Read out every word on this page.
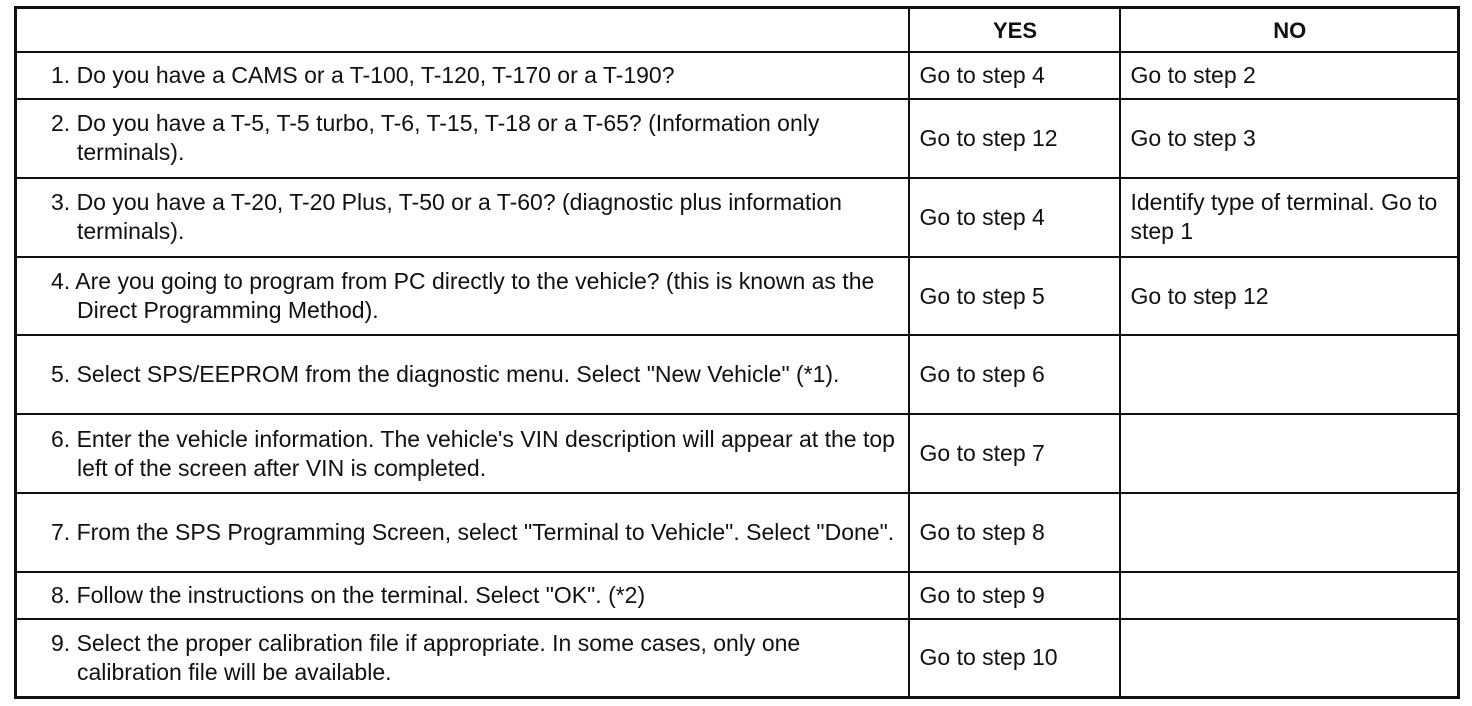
	YES	NO

1. Do you have a CAMS or a T-100, T-120, T-170 or a T-190?	Go to step 4	Go to step 2

2. Do you have a T-5, T-5 turbo, T-6, T-15, T-18 or a T-65? (Information only terminals).	Go to step 12	Go to step 3

3. Do you have a T-20, T-20 Plus, T-50 or a T-60? (diagnostic plus information terminals).	Go to step 4	Identify type of terminal. Go to step 1

4. Are you going to program from PC directly to the vehicle? (this is known as the Direct Programming Method).	Go to step 5	Go to step 12

5. Select SPS/EEPROM from the diagnostic menu. Select "New Vehicle" (*1).	Go to step 6	

6. Enter the vehicle information. The vehicle's VIN description will appear at the top left of the screen after VIN is completed.	Go to step 7	

7. From the SPS Programming Screen, select "Terminal to Vehicle". Select "Done".	Go to step 8	

8. Follow the instructions on the terminal. Select "OK". (*2)	Go to step 9	

9. Select the proper calibration file if appropriate. In some cases, only one calibration file will be available.	Go to step 10	
